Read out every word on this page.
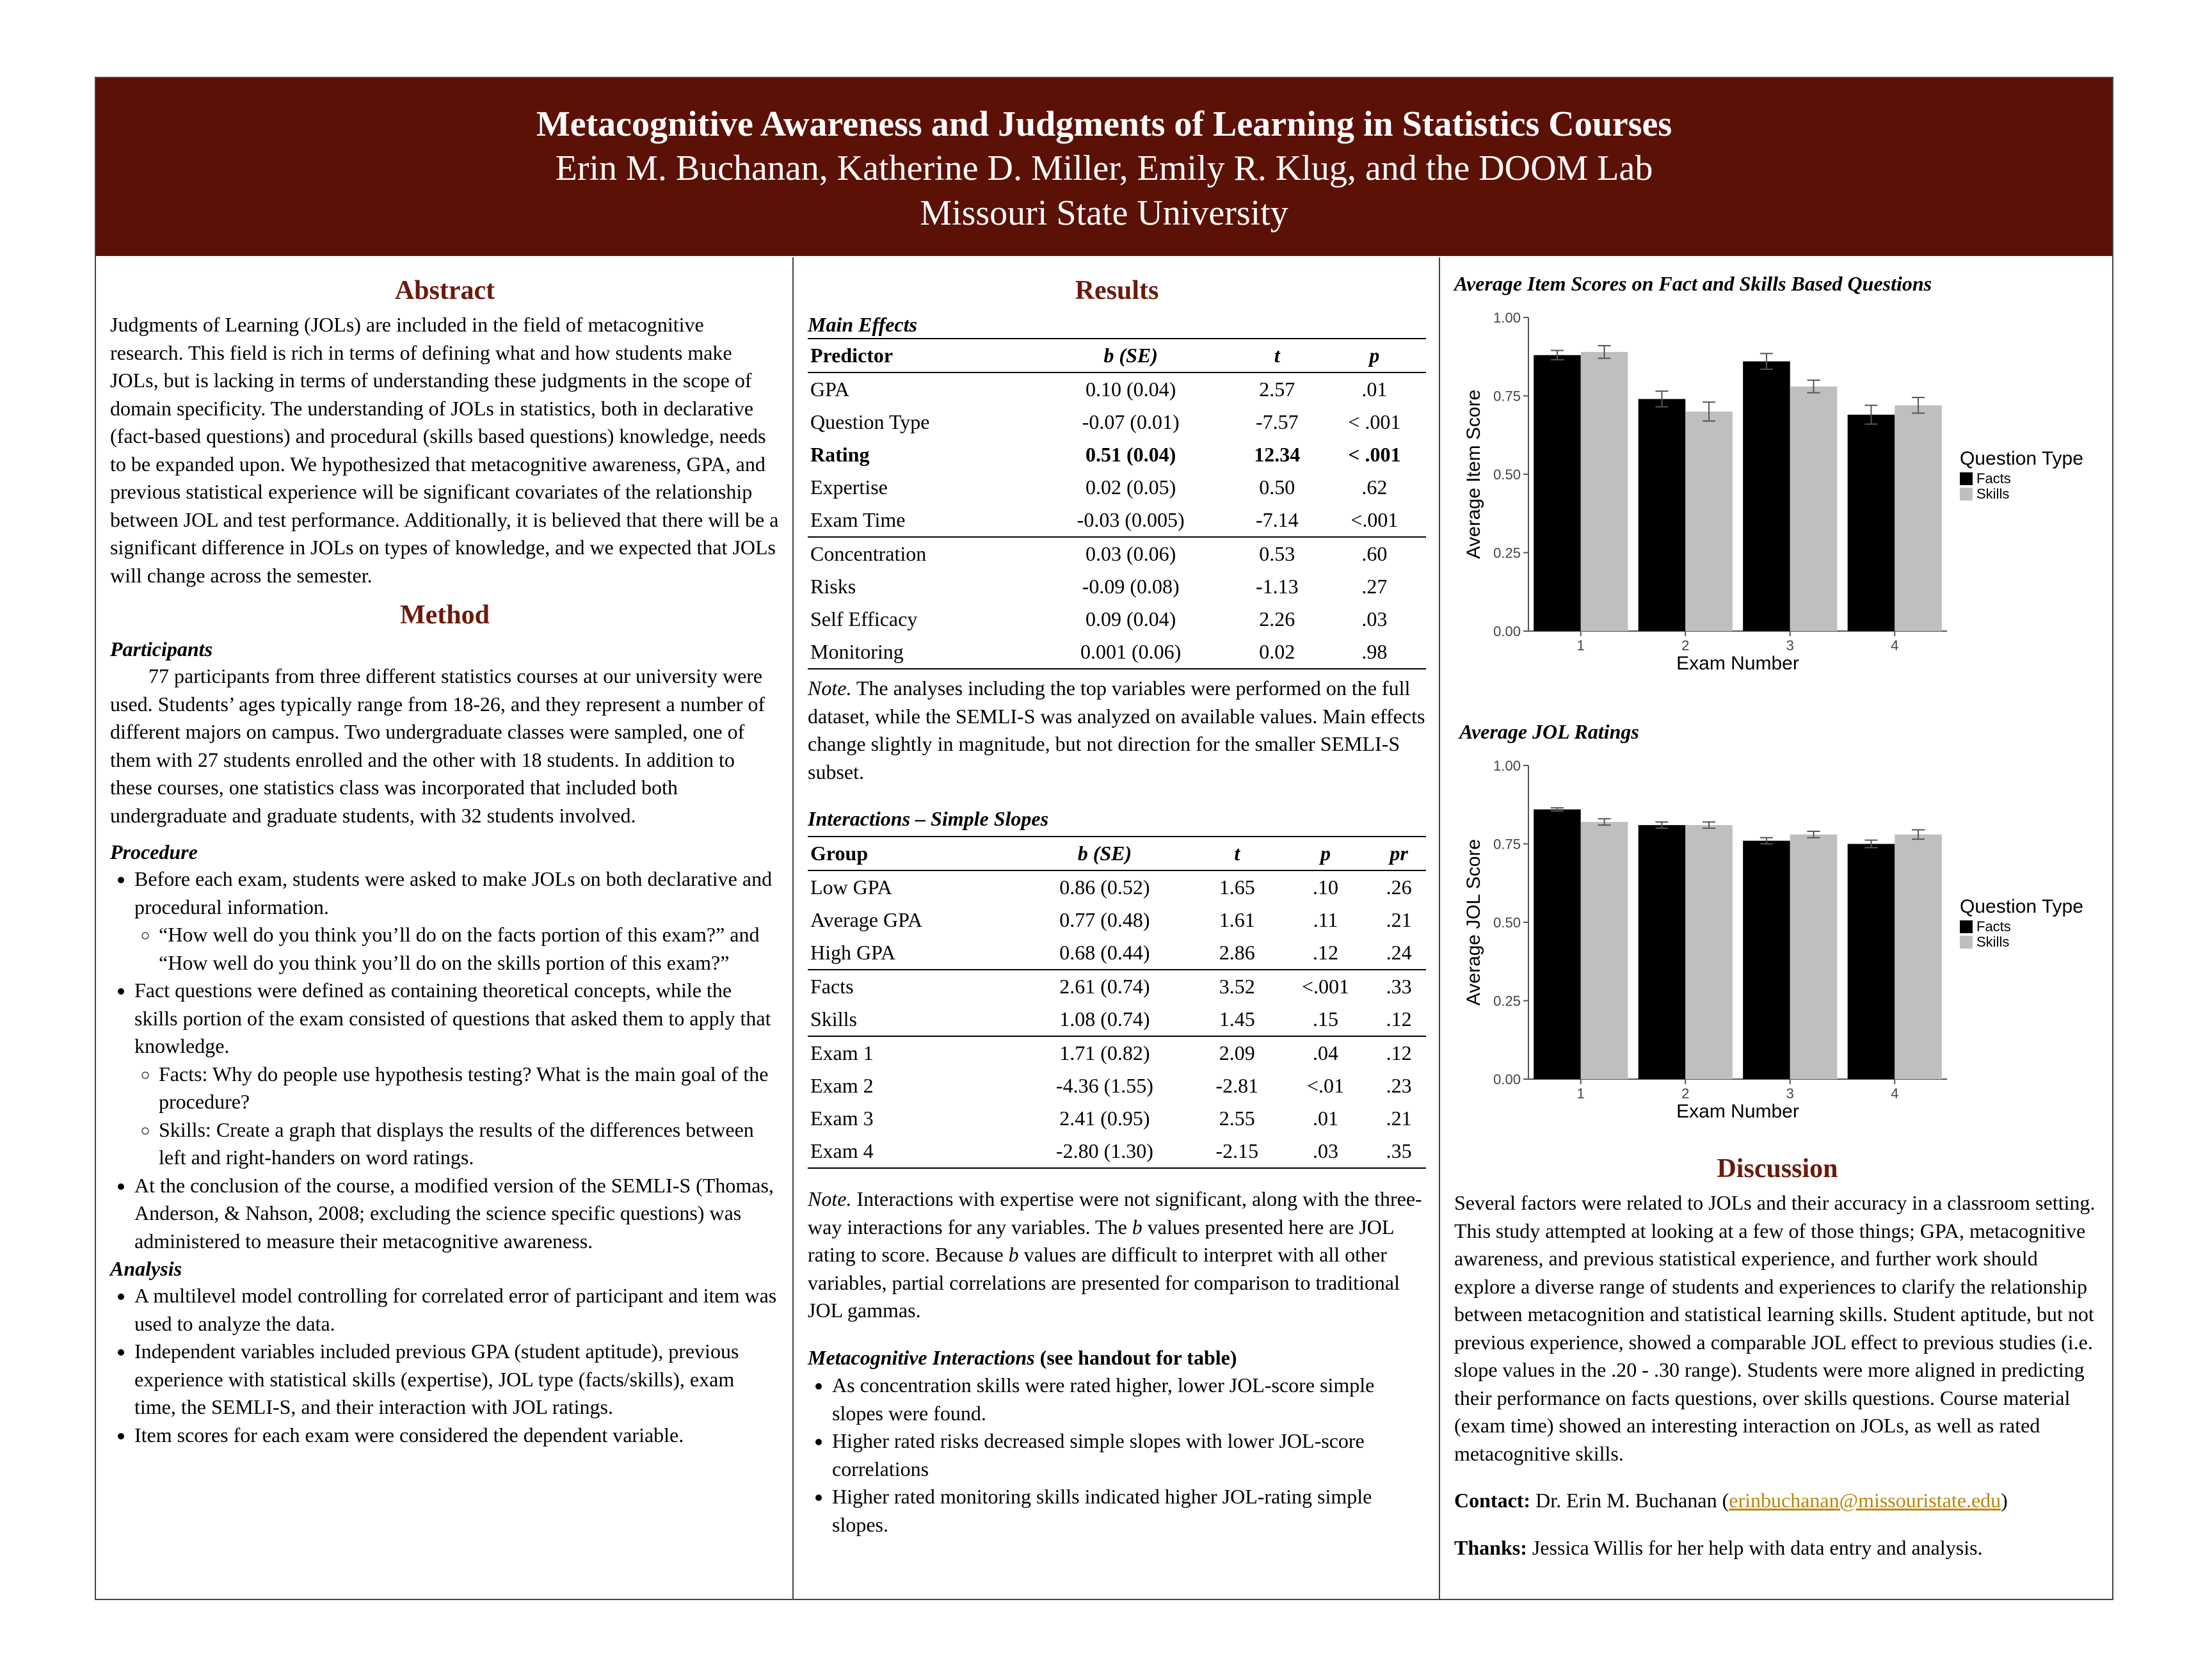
Metacognitive Awareness and Judgments of Learning in Statistics Courses
Erin M. Buchanan, Katherine D. Miller, Emily R. Klug, and the DOOM Lab
Missouri State University
Abstract

Judgments of Learning (JOLs) are included in the field of metacognitive research. This field is rich in terms of defining what and how students make JOLs, but is lacking in terms of understanding these judgments in the scope of domain specificity. The understanding of JOLs in statistics, both in declarative (fact-based questions) and procedural (skills based questions) knowledge, needs to be expanded upon. We hypothesized that metacognitive awareness, GPA, and previous statistical experience will be significant covariates of the relationship between JOL and test performance. Additionally, it is believed that there will be a significant difference in JOLs on types of knowledge, and we expected that JOLs will change across the semester.

Method
Participants

77 participants from three different statistics courses at our university were used. Students’ ages typically range from 18-26, and they represent a number of different majors on campus. Two undergraduate classes were sampled, one of them with 27 students enrolled and the other with 18 students. In addition to these courses, one statistics class was incorporated that included both undergraduate and graduate students, with 32 students involved.

Procedure
• Before each exam, students were asked to make JOLs on both declarative and procedural information.
◦ “How well do you think you’ll do on the facts portion of this exam?” and “How well do you think you’ll do on the skills portion of this exam?”
• Fact questions were defined as containing theoretical concepts, while the skills portion of the exam consisted of questions that asked them to apply that knowledge.
◦ Facts: Why do people use hypothesis testing? What is the main goal of the procedure?
◦ Skills: Create a graph that displays the results of the differences between left and right-handers on word ratings.
• At the conclusion of the course, a modified version of the SEMLI-S (Thomas, Anderson, & Nahson, 2008; excluding the science specific questions) was administered to measure their metacognitive awareness.
Analysis
• A multilevel model controlling for correlated error of participant and item was used to analyze the data.
• Independent variables included previous GPA (student aptitude), previous experience with statistical skills (expertise), JOL type (facts/skills), exam time, the SEMLI-S, and their interaction with JOL ratings.
• Item scores for each exam were considered the dependent variable.
Results
Main Effects
Predictor	b (SE)	t	p
GPA	0.10 (0.04)	2.57	.01
Question Type	-0.07 (0.01)	-7.57	< .001
Rating	0.51 (0.04)	12.34	< .001
Expertise	0.02 (0.05)	0.50	.62
Exam Time	-0.03 (0.005)	-7.14	<.001
Concentration	0.03 (0.06)	0.53	.60
Risks	-0.09 (0.08)	-1.13	.27
Self Efficacy	0.09 (0.04)	2.26	.03
Monitoring	0.001 (0.06)	0.02	.98

Note. The analyses including the top variables were performed on the full dataset, while the SEMLI-S was analyzed on available values. Main effects change slightly in magnitude, but not direction for the smaller SEMLI-S subset.

Interactions – Simple Slopes
Group	b (SE)	t	p	pr
Low GPA	0.86 (0.52)	1.65	.10	.26
Average GPA	0.77 (0.48)	1.61	.11	.21
High GPA	0.68 (0.44)	2.86	.12	.24
Facts	2.61 (0.74)	3.52	<.001	.33
Skills	1.08 (0.74)	1.45	.15	.12
Exam 1	1.71 (0.82)	2.09	.04	.12
Exam 2	-4.36 (1.55)	-2.81	<.01	.23
Exam 3	2.41 (0.95)	2.55	.01	.21
Exam 4	-2.80 (1.30)	-2.15	.03	.35

Note. Interactions with expertise were not significant, along with the three-way interactions for any variables. The b values presented here are JOL rating to score. Because b values are difficult to interpret with all other variables, partial correlations are presented for comparison to traditional JOL gammas.

Metacognitive Interactions (see handout for table)

• As concentration skills were rated higher, lower JOL-score simple slopes were found.
• Higher rated risks decreased simple slopes with lower JOL-score correlations
• Higher rated monitoring skills indicated higher JOL-rating simple slopes.
Average Item Scores on Fact and Skills Based Questions
0.00
0.25
0.50
0.75
1.00
1	2	3	4
Exam Number
Average Item Score	Question Type
Facts
Skills
Average JOL Ratings
0.00
0.25
0.50
0.75
1.00
1	2	3	4
Exam Number
Average JOL Score	Question Type
Facts
Skills
Discussion

Several factors were related to JOLs and their accuracy in a classroom setting. This study attempted at looking at a few of those things; GPA, metacognitive awareness, and previous statistical experience, and further work should explore a diverse range of students and experiences to clarify the relationship between metacognition and statistical learning skills. Student aptitude, but not previous experience, showed a comparable JOL effect to previous studies (i.e. slope values in the .20 - .30 range). Students were more aligned in predicting their performance on facts questions, over skills questions. Course material (exam time) showed an interesting interaction on JOLs, as well as rated metacognitive skills.

Contact: Dr. Erin M. Buchanan (erinbuchanan@missouristate.edu)

Thanks: Jessica Willis for her help with data entry and analysis.
